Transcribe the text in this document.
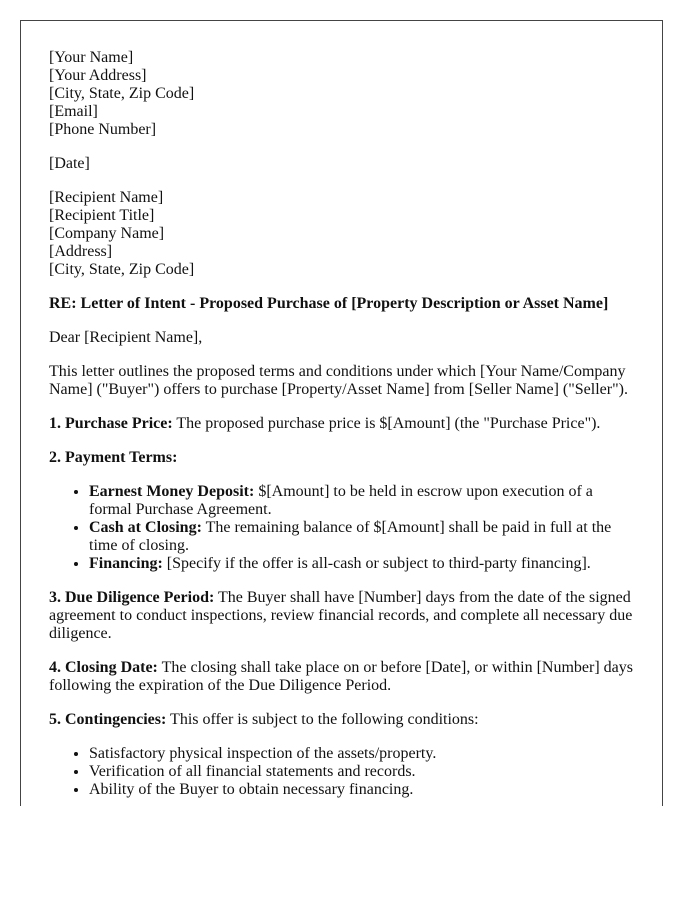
[Your Name]
[Your Address]
[City, State, Zip Code]
[Email]
[Phone Number]

[Date]

[Recipient Name]
[Recipient Title]
[Company Name]
[Address]
[City, State, Zip Code]

RE: Letter of Intent - Proposed Purchase of [Property Description or Asset Name]

Dear [Recipient Name],

This letter outlines the proposed terms and conditions under which [Your Name/Company Name] ("Buyer") offers to purchase [Property/Asset Name] from [Seller Name] ("Seller").

1. Purchase Price: The proposed purchase price is $[Amount] (the "Purchase Price").

2. Payment Terms:

• Earnest Money Deposit: $[Amount] to be held in escrow upon execution of a formal Purchase Agreement.
• Cash at Closing: The remaining balance of $[Amount] shall be paid in full at the time of closing.
• Financing: [Specify if the offer is all-cash or subject to third-party financing].

3. Due Diligence Period: The Buyer shall have [Number] days from the date of the signed agreement to conduct inspections, review financial records, and complete all necessary due diligence.

4. Closing Date: The closing shall take place on or before [Date], or within [Number] days following the expiration of the Due Diligence Period.

5. Contingencies: This offer is subject to the following conditions:

• Satisfactory physical inspection of the assets/property.
• Verification of all financial statements and records.
• Ability of the Buyer to obtain necessary financing.
